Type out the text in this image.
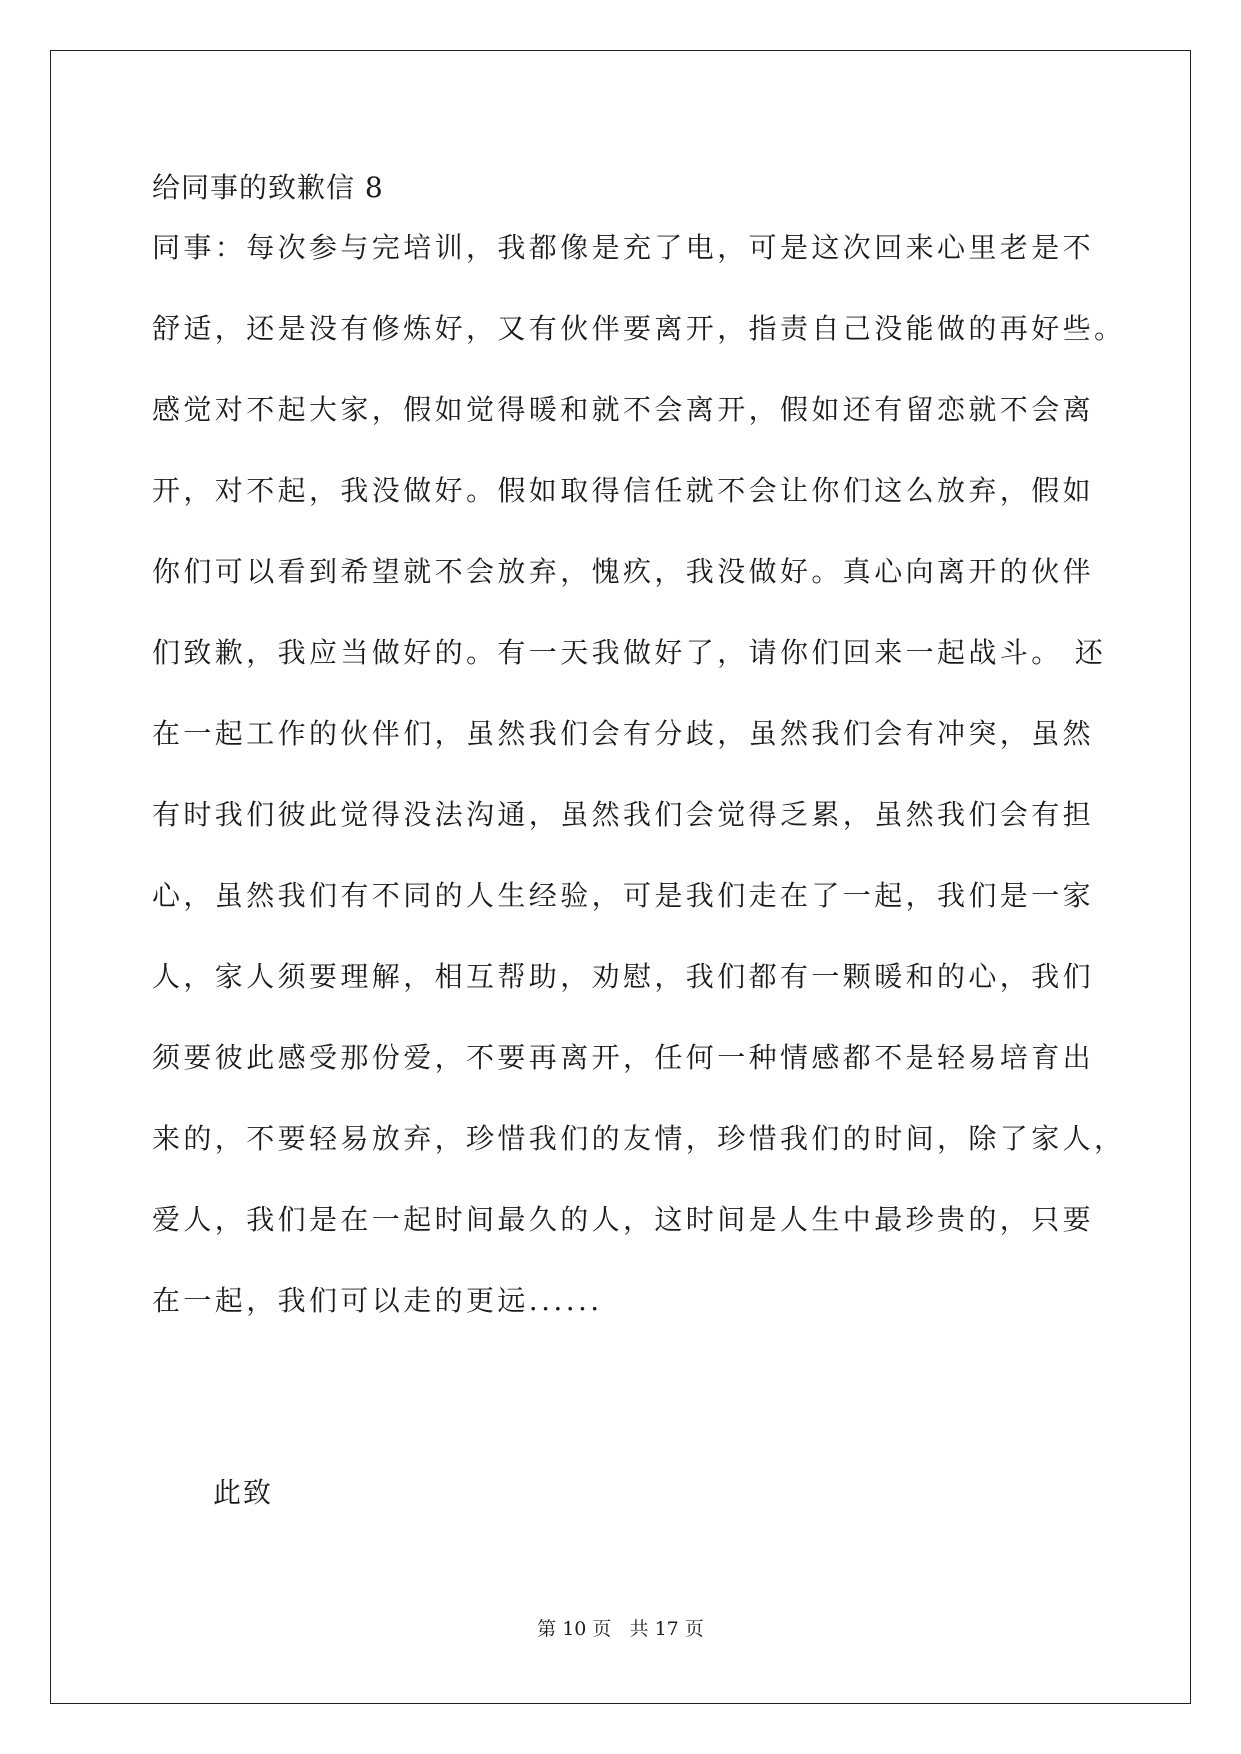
给同事的致歉信 8
同事：每次参与完培训，我都像是充了电，可是这次回来心里老是不
舒适，还是没有修炼好，又有伙伴要离开，指责自己没能做的再好些。
感觉对不起大家，假如觉得暖和就不会离开，假如还有留恋就不会离
开，对不起，我没做好。假如取得信任就不会让你们这么放弃，假如
你们可以看到希望就不会放弃，愧疚，我没做好。真心向离开的伙伴
们致歉，我应当做好的。有一天我做好了，请你们回来一起战斗。 还
在一起工作的伙伴们，虽然我们会有分歧，虽然我们会有冲突，虽然
有时我们彼此觉得没法沟通，虽然我们会觉得乏累，虽然我们会有担
心，虽然我们有不同的人生经验，可是我们走在了一起，我们是一家
人，家人须要理解，相互帮助，劝慰，我们都有一颗暖和的心，我们
须要彼此感受那份爱，不要再离开，任何一种情感都不是轻易培育出
来的，不要轻易放弃，珍惜我们的友情，珍惜我们的时间，除了家人，
爱人，我们是在一起时间最久的人，这时间是人生中最珍贵的，只要
在一起，我们可以走的更远......
此致
第 10 页   共 17 页
